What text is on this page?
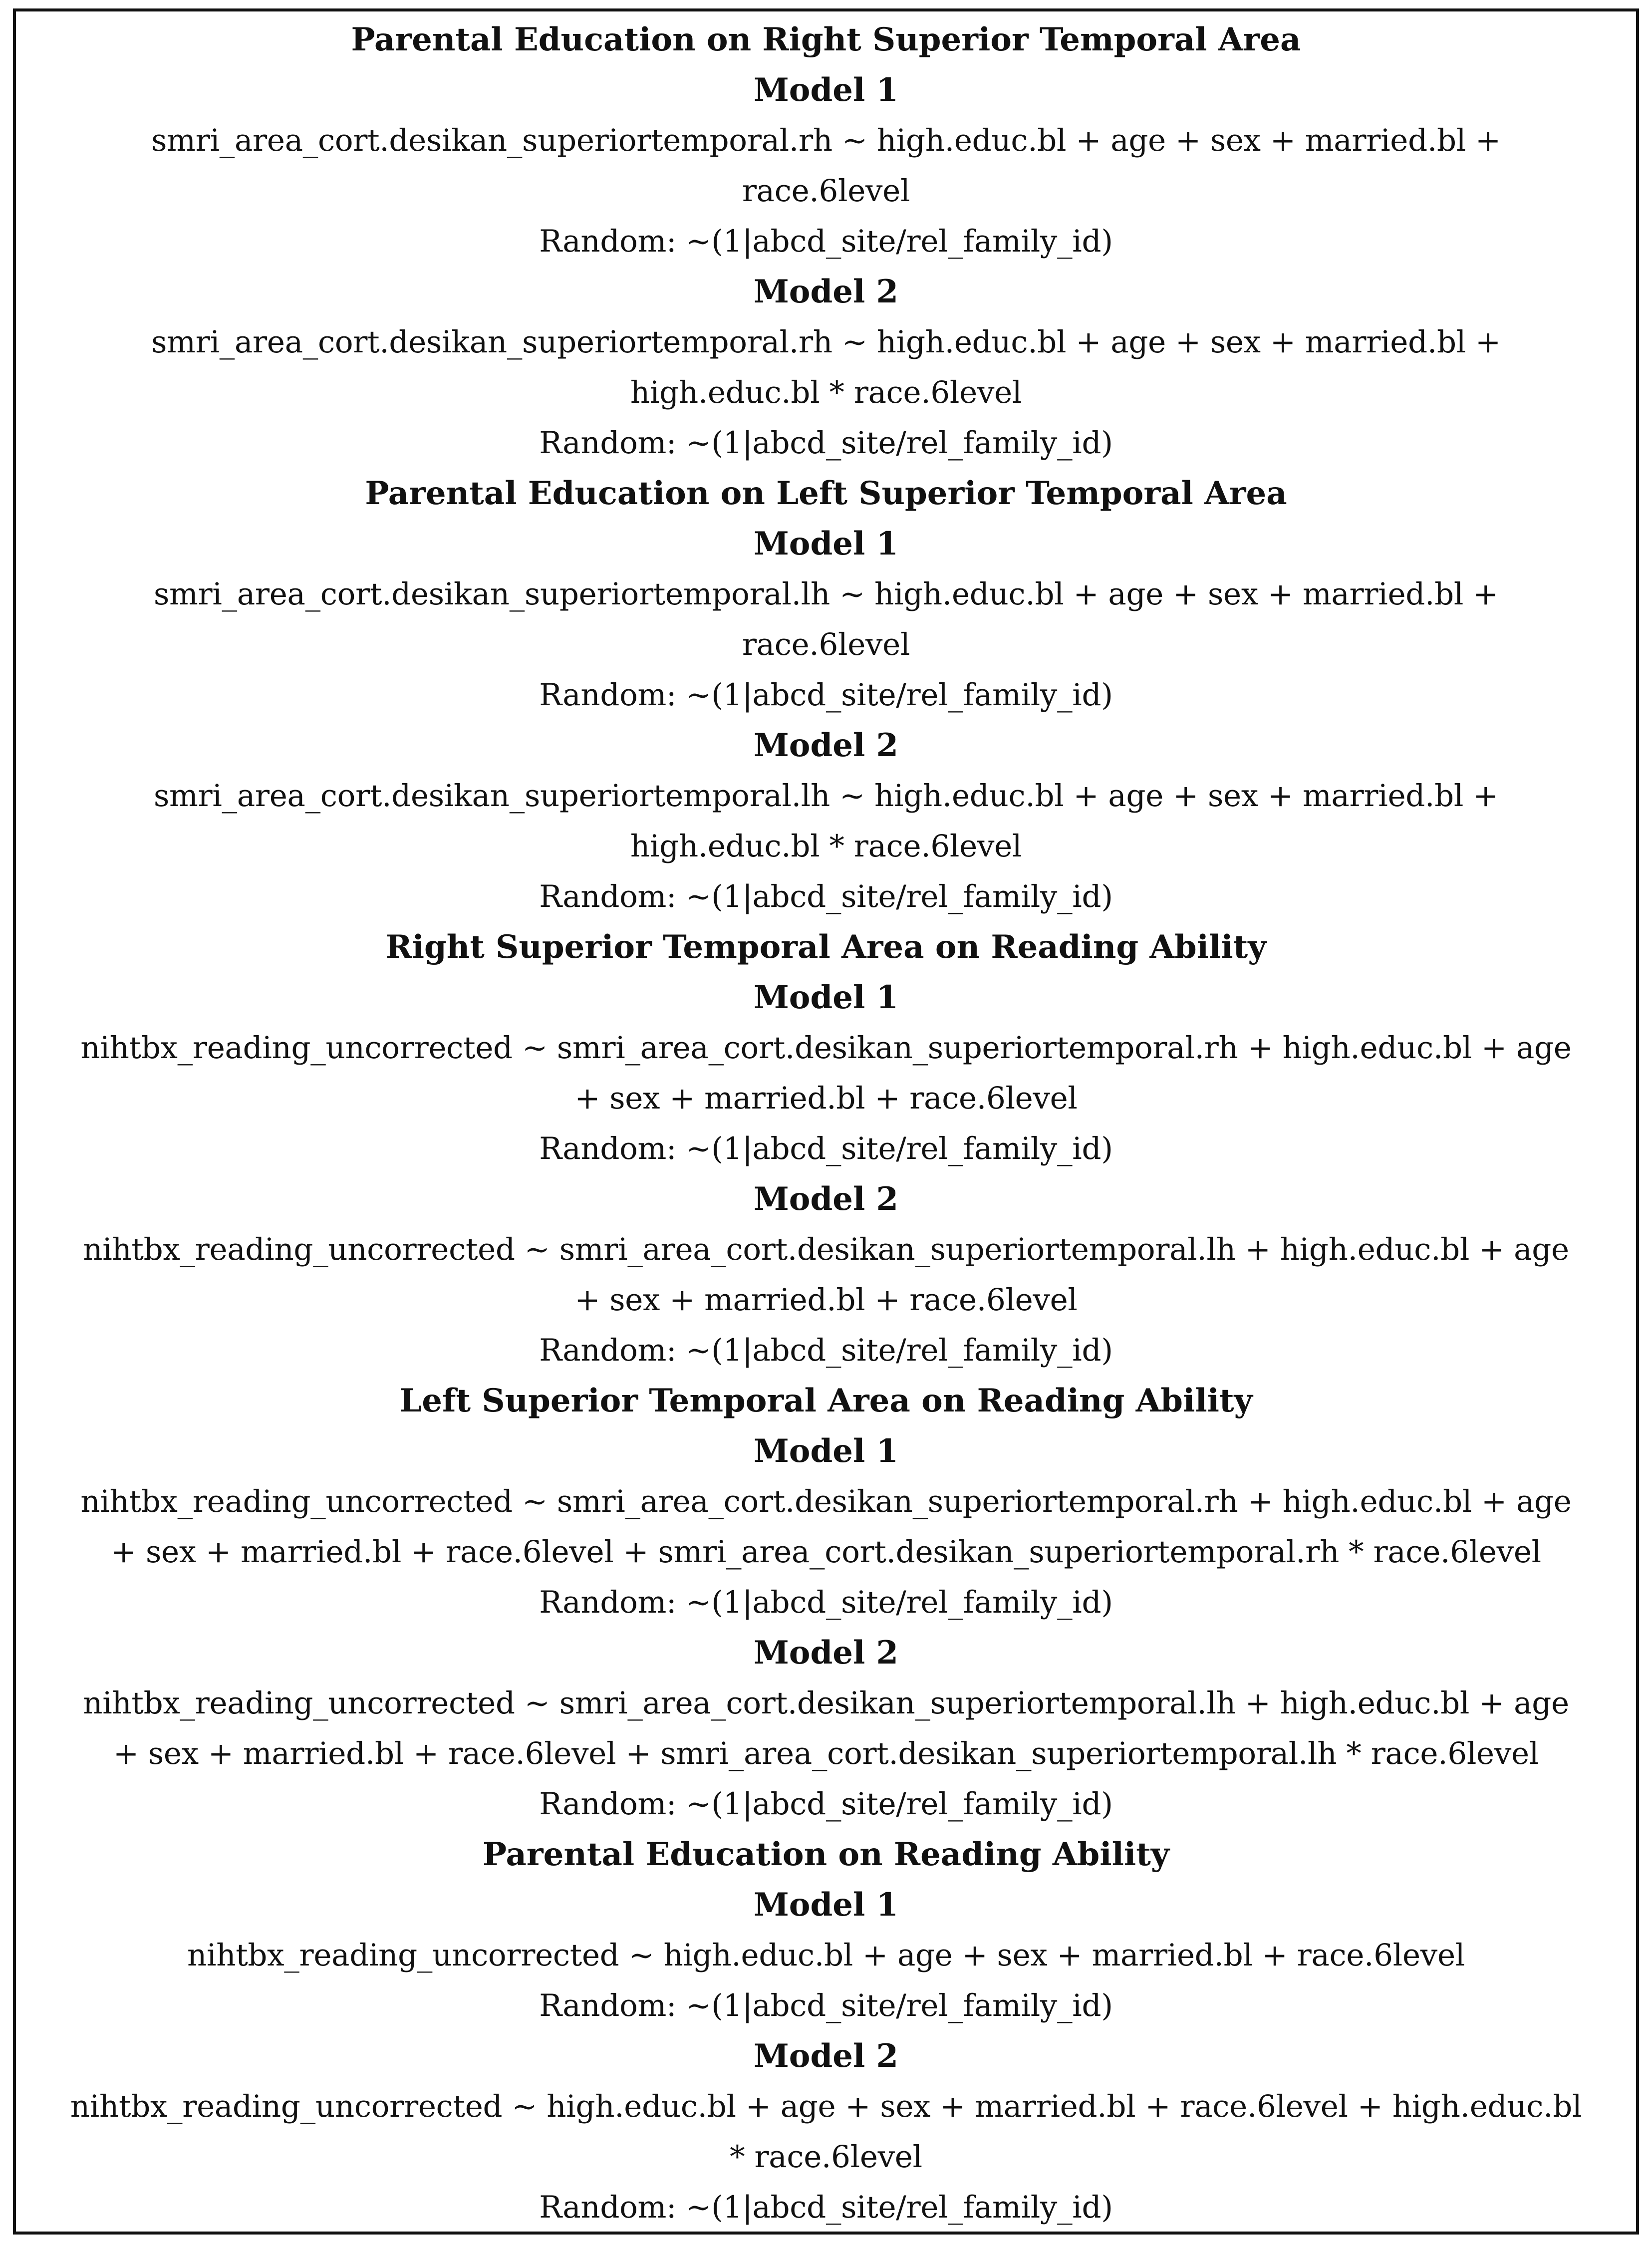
Parental Education on Right Superior Temporal Area
Model 1
smri_area_cort.desikan_superiortemporal.rh ~ high.educ.bl + age + sex + married.bl +
race.6level
Random: ~(1|abcd_site/rel_family_id)
Model 2
smri_area_cort.desikan_superiortemporal.rh ~ high.educ.bl + age + sex + married.bl +
high.educ.bl * race.6level
Random: ~(1|abcd_site/rel_family_id)
Parental Education on Left Superior Temporal Area
Model 1
smri_area_cort.desikan_superiortemporal.lh ~ high.educ.bl + age + sex + married.bl +
race.6level
Random: ~(1|abcd_site/rel_family_id)
Model 2
smri_area_cort.desikan_superiortemporal.lh ~ high.educ.bl + age + sex + married.bl +
high.educ.bl * race.6level
Random: ~(1|abcd_site/rel_family_id)
Right Superior Temporal Area on Reading Ability
Model 1
nihtbx_reading_uncorrected ~ smri_area_cort.desikan_superiortemporal.rh + high.educ.bl + age
+ sex + married.bl + race.6level
Random: ~(1|abcd_site/rel_family_id)
Model 2
nihtbx_reading_uncorrected ~ smri_area_cort.desikan_superiortemporal.lh + high.educ.bl + age
+ sex + married.bl + race.6level
Random: ~(1|abcd_site/rel_family_id)
Left Superior Temporal Area on Reading Ability
Model 1
nihtbx_reading_uncorrected ~ smri_area_cort.desikan_superiortemporal.rh + high.educ.bl + age
+ sex + married.bl + race.6level + smri_area_cort.desikan_superiortemporal.rh * race.6level
Random: ~(1|abcd_site/rel_family_id)
Model 2
nihtbx_reading_uncorrected ~ smri_area_cort.desikan_superiortemporal.lh + high.educ.bl + age
+ sex + married.bl + race.6level + smri_area_cort.desikan_superiortemporal.lh * race.6level
Random: ~(1|abcd_site/rel_family_id)
Parental Education on Reading Ability
Model 1
nihtbx_reading_uncorrected ~ high.educ.bl + age + sex + married.bl + race.6level
Random: ~(1|abcd_site/rel_family_id)
Model 2
nihtbx_reading_uncorrected ~ high.educ.bl + age + sex + married.bl + race.6level + high.educ.bl
* race.6level
Random: ~(1|abcd_site/rel_family_id)
